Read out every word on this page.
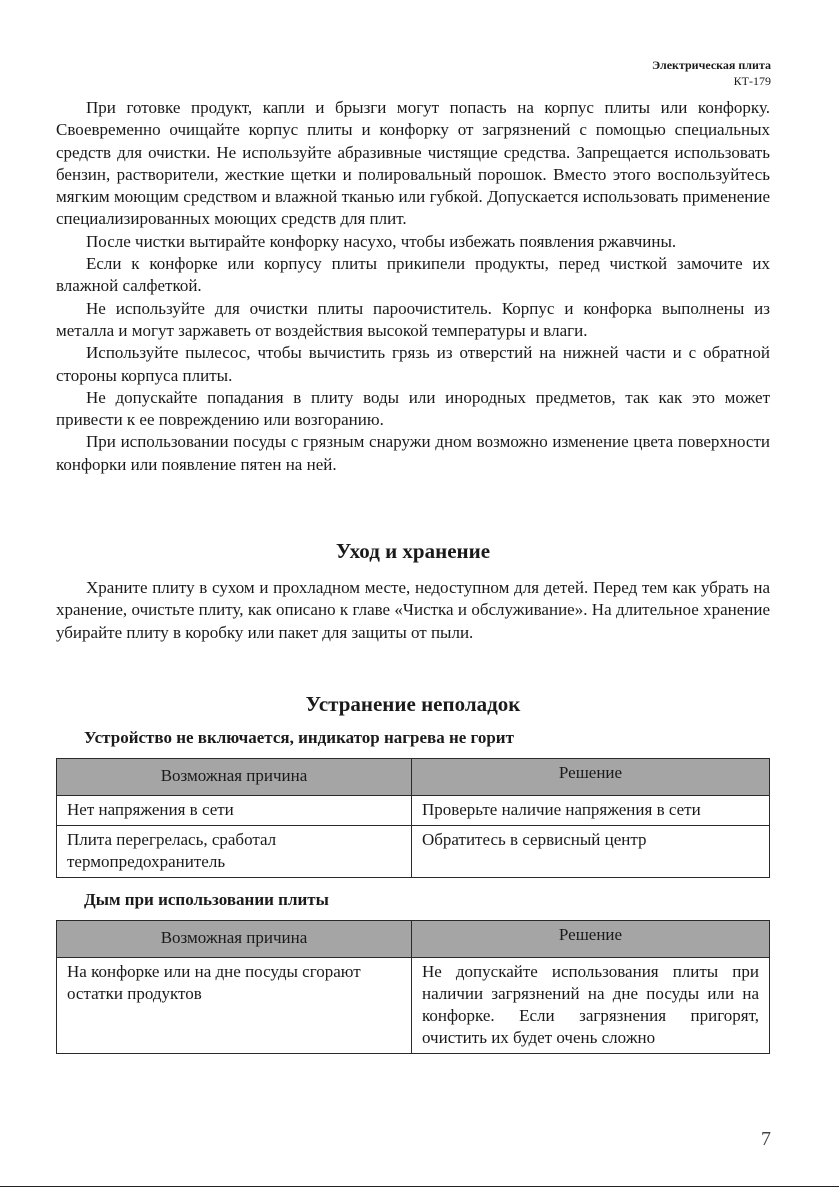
Электрическая плита
КТ-179

При готовке продукт, капли и брызги могут попасть на корпус плиты или конфорку. Своевременно очищайте корпус плиты и конфорку от загрязнений с помощью специальных средств для очистки. Не используйте абразивные чистящие средства. Запрещается использовать бензин, растворители, жесткие щетки и полировальный порошок. Вместо этого воспользуйтесь мягким моющим средством и влажной тканью или губкой. Допускается использовать применение специализированных моющих средств для плит.

После чистки вытирайте конфорку насухо, чтобы избежать появления ржавчины.

Если к конфорке или корпусу плиты прикипели продукты, перед чисткой замочите их влажной салфеткой.

Не используйте для очистки плиты пароочиститель. Корпус и конфорка выполнены из металла и могут заржаветь от воздействия высокой температуры и влаги.

Используйте пылесос, чтобы вычистить грязь из отверстий на нижней части и с обратной стороны корпуса плиты.

Не допускайте попадания в плиту воды или инородных предметов, так как это может привести к ее повреждению или возгоранию.

При использовании посуды с грязным снаружи дном возможно изменение цвета поверхности конфорки или появление пятен на ней.

Уход и хранение

Храните плиту в сухом и прохладном месте, недоступном для детей. Перед тем как убрать на хранение, очистьте плиту, как описано к главе «Чистка и обслуживание». На длительное хранение убирайте плиту в коробку или пакет для защиты от пыли.

Устранение неполадок
Устройство не включается, индикатор нагрева не горит
Возможная причина	Решение
Нет напряжения в сети	Проверьте наличие напряжения в сети
Плита перегрелась, сработал термопредохранитель	Обратитесь в сервисный центр
Дым при использовании плиты
Возможная причина	Решение
На конфорке или на дне посуды сгорают остатки продуктов	Не допускайте использования плиты при наличии загрязнений на дне посуды или на конфорке. Если загрязнения пригорят, очистить их будет очень сложно
7
